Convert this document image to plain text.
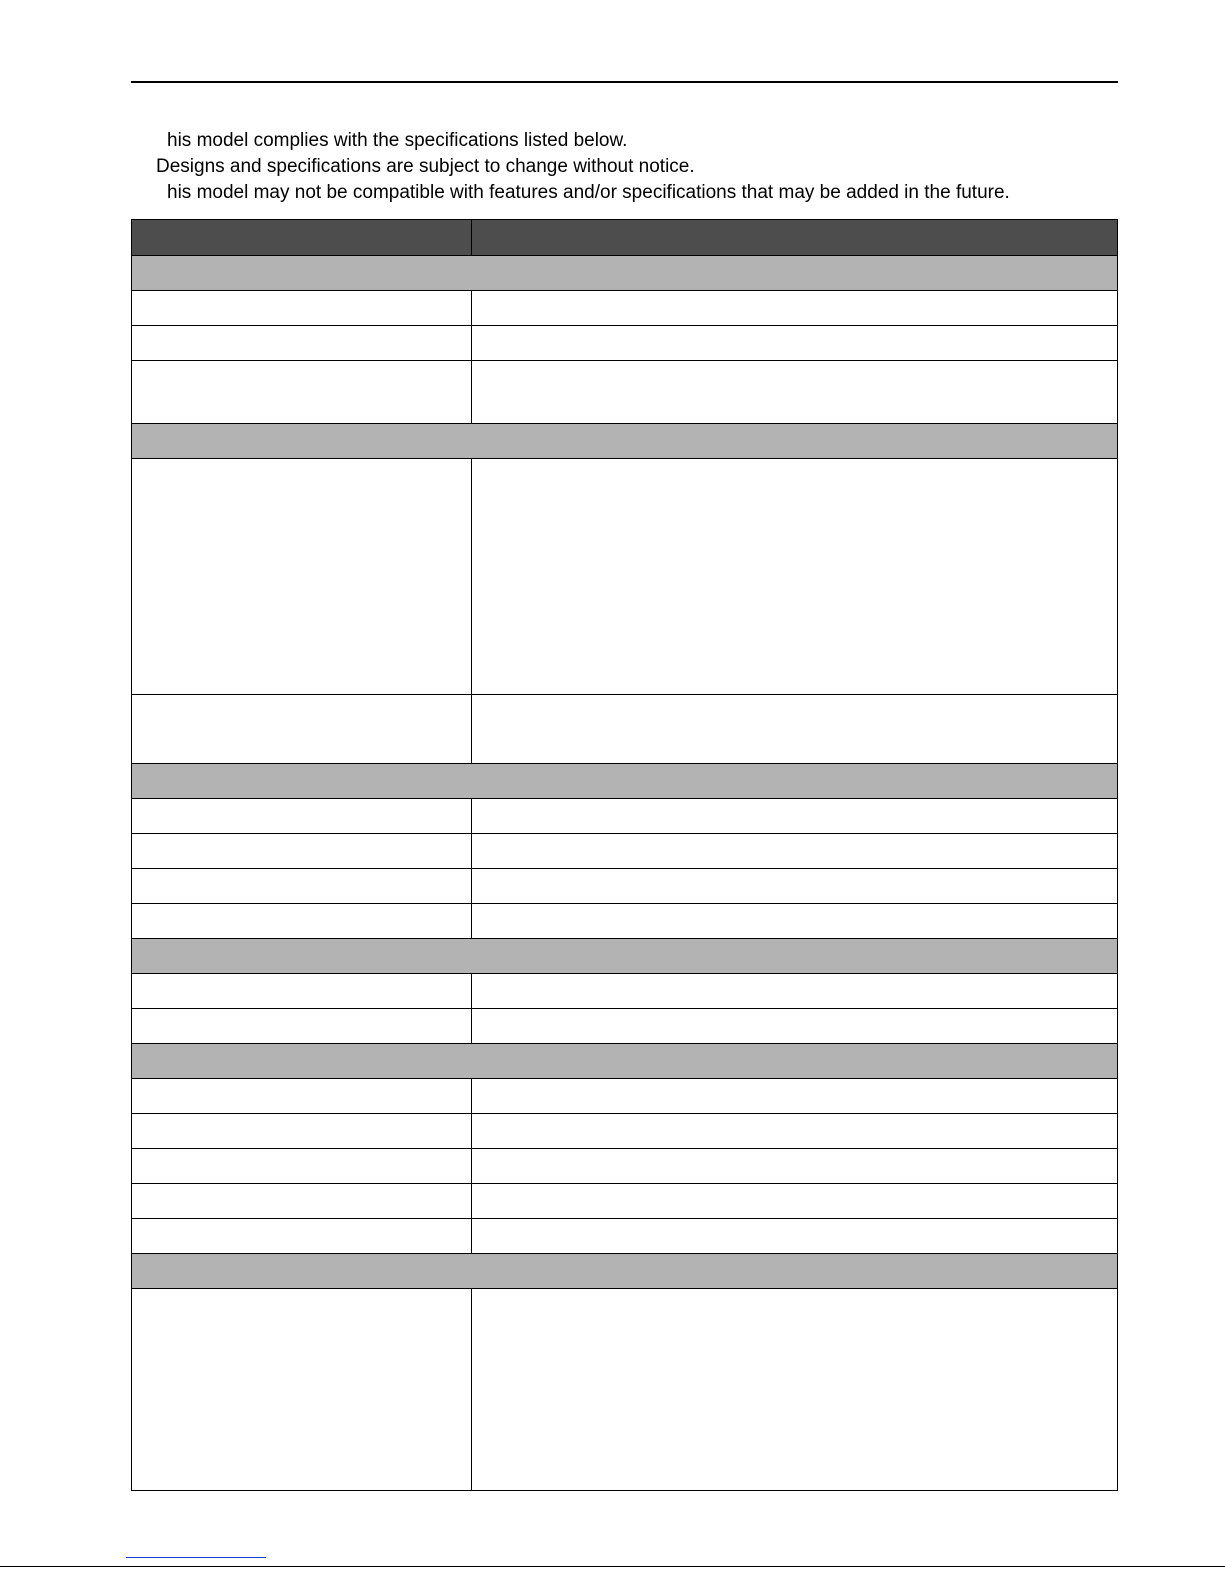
his model complies with the specifications listed below.
Designs and specifications are subject to change without notice.
his model may not be compatible with features and/or specifications that may be added in the future.
